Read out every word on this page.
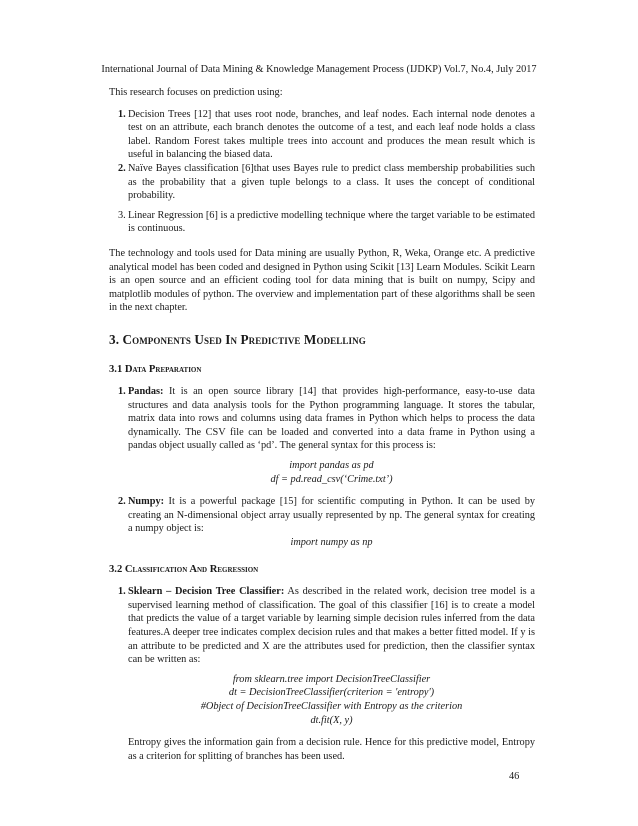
International Journal of Data Mining & Knowledge Management Process (IJDKP) Vol.7, No.4, July 2017

This research focuses on prediction using:

1. Decision Trees [12] that uses root node, branches, and leaf nodes. Each internal node denotes a test on an attribute, each branch denotes the outcome of a test, and each leaf node holds a class label. Random Forest takes multiple trees into account and produces the mean result which is useful in balancing the biased data.
2. Naïve Bayes classification [6]that uses Bayes rule to predict class membership probabilities such as the probability that a given tuple belongs to a class. It uses the concept of conditional probability.
3. Linear Regression [6] is a predictive modelling technique where the target variable to be estimated is continuous.

The technology and tools used for Data mining are usually Python, R, Weka, Orange etc. A predictive analytical model has been coded and designed in Python using Scikit [13] Learn Modules. Scikit Learn is an open source and an efficient coding tool for data mining that is built on numpy, Scipy and matplotlib modules of python. The overview and implementation part of these algorithms shall be seen in the next chapter.

3. Components Used In Predictive Modelling
3.1 Data Preparation
1. Pandas: It is an open source library [14] that provides high-performance, easy-to-use data structures and data analysis tools for the Python programming language. It stores the tabular, matrix data into rows and columns using data frames in Python which helps to process the data dynamically. The CSV file can be loaded and converted into a data frame in Python using a pandas object usually called as ‘pd’. The general syntax for this process is:
import pandas as pd
df = pd.read_csv(‘Crime.txt’)
2. Numpy: It is a powerful package [15] for scientific computing in Python. It can be used by creating an N-dimensional object array usually represented by np. The general syntax for creating a numpy object is:
import numpy as np
3.2 Classification And Regression
1. Sklearn – Decision Tree Classifier: As described in the related work, decision tree model is a supervised learning method of classification. The goal of this classifier [16] is to create a model that predicts the value of a target variable by learning simple decision rules inferred from the data features.A deeper tree indicates complex decision rules and that makes a better fitted model. If y is an attribute to be predicted and X are the attributes used for prediction, then the classifier syntax can be written as:
from sklearn.tree import DecisionTreeClassifier
dt = DecisionTreeClassifier(criterion = 'entropy')
#Object of DecisionTreeClassifier with Entropy as the criterion
dt.fit(X, y)

Entropy gives the information gain from a decision rule. Hence for this predictive model, Entropy as a criterion for splitting of branches has been used.

46
